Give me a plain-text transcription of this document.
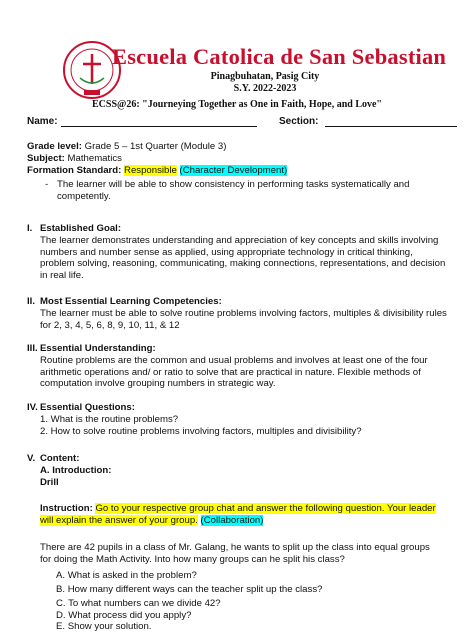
Escuela Catolica de San Sebastian
Pinagbuhatan, Pasig City
S.Y. 2022-2023
ECSS@26: "Journeying Together as One in Faith, Hope, and Love"
Name:	Section:
Grade level: Grade 5 – 1st Quarter (Module 3)
Subject: Mathematics
Formation Standard: Responsible (Character Development)
- The learner will be able to show consistency in performing tasks systematically and competently.
I. Established Goal:
The learner demonstrates understanding and appreciation of key concepts and skills involving numbers and number sense as applied, using appropriate technology in critical thinking, problem solving, reasoning, communicating, making connections, representations, and decision in real life.
II. Most Essential Learning Competencies:
The learner must be able to solve routine problems involving factors, multiples & divisibility rules for 2, 3, 4, 5, 6, 8, 9, 10, 11, & 12
III. Essential Understanding:
Routine problems are the common and usual problems and involves at least one of the four arithmetic operations and/ or ratio to solve that are practical in nature. Flexible methods of computation involve grouping numbers in strategic way.
IV. Essential Questions:
1. What is the routine problems?
2. How to solve routine problems involving factors, multiples and divisibility?
V. Content:
A. Introduction:
Drill
Instruction: Go to your respective group chat and answer the following question. Your leader will explain the answer of your group. (Collaboration)
There are 42 pupils in a class of Mr. Galang, he wants to split up the class into equal groups for doing the Math Activity. Into how many groups can he split his class?
A. What is asked in the problem?
B. How many different ways can the teacher split up the class?
C. To what numbers can we divide 42?
D. What process did you apply?
E. Show your solution.
